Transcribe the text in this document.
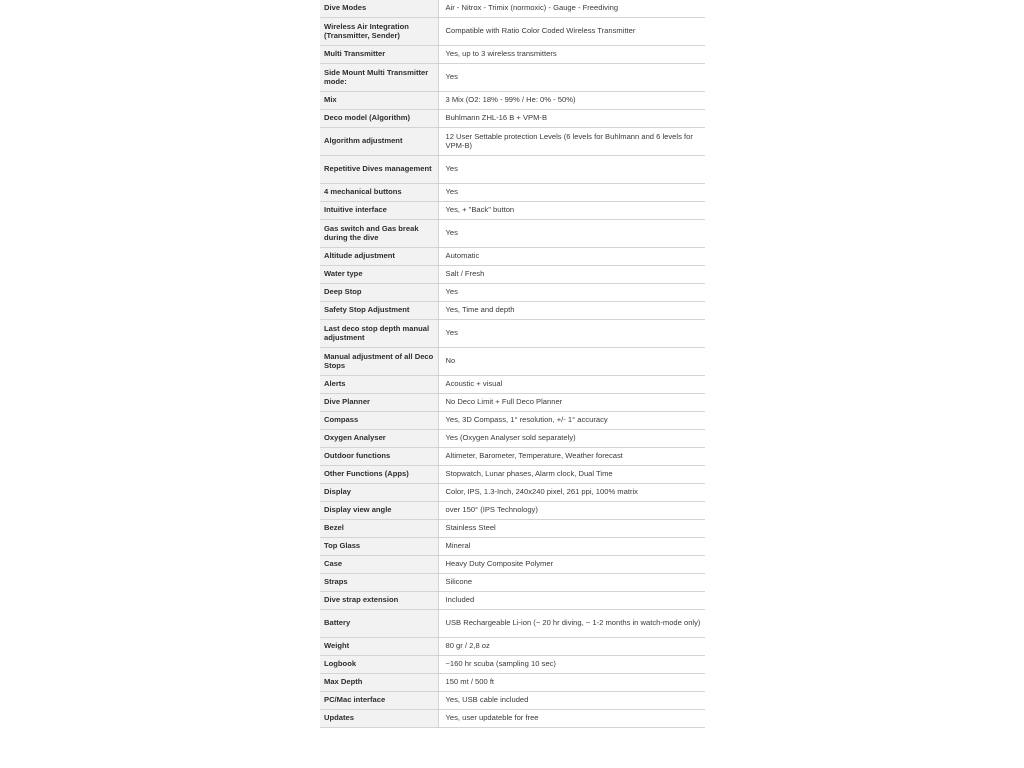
Dive Modes	Air - Nitrox - Trimix (normoxic) - Gauge - Freediving
Wireless Air Integration (Transmitter, Sender)	Compatible with Ratio Color Coded Wireless Transmitter
Multi Transmitter	Yes, up to 3 wireless transmitters
Side Mount Multi Transmitter mode:	Yes
Mix	3 Mix (O2: 18% - 99% / He: 0% - 50%)
Deco model (Algorithm)	Buhlmann ZHL-16 B + VPM-B
Algorithm adjustment	12 User Settable protection Levels (6 levels for Buhlmann and 6 levels for VPM-B)
Repetitive Dives management	Yes
4 mechanical buttons	Yes
Intuitive interface	Yes, + "Back" button
Gas switch and Gas break during the dive	Yes
Altitude adjustment	Automatic
Water type	Salt / Fresh
Deep Stop	Yes
Safety Stop Adjustment	Yes, Time and depth
Last deco stop depth manual adjustment	Yes
Manual adjustment of all Deco Stops	No
Alerts	Acoustic + visual
Dive Planner	No Deco Limit + Full Deco Planner
Compass	Yes, 3D Compass, 1° resolution, +/- 1° accuracy
Oxygen Analyser	Yes (Oxygen Analyser sold separately)
Outdoor functions	Altimeter, Barometer, Temperature, Weather forecast
Other Functions (Apps)	Stopwatch, Lunar phases, Alarm clock, Dual Time
Display	Color, IPS, 1.3-Inch, 240x240 pixel, 261 ppi, 100% matrix
Display view angle	over 150° (IPS Technology)
Bezel	Stainless Steel
Top Glass	Mineral
Case	Heavy Duty Composite Polymer
Straps	Silicone
Dive strap extension	Included
Battery	USB Rechargeable Li-ion (~ 20 hr diving, ~ 1-2 months in watch-mode only)
Weight	80 gr / 2,8 oz
Logbook	~160 hr scuba (sampling 10 sec)
Max Depth	150 mt / 500 ft
PC/Mac interface	Yes, USB cable included
Updates	Yes, user updateble for free
